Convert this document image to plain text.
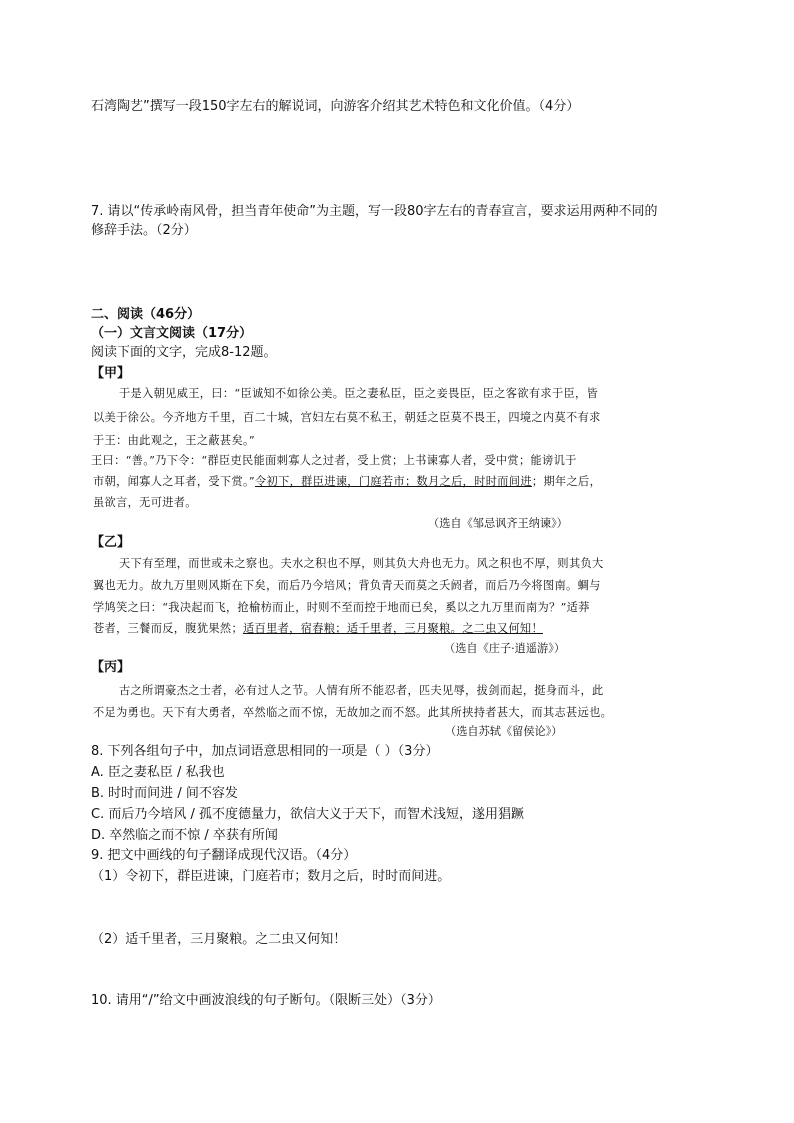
石湾陶艺”撰写一段150字左右的解说词，向游客介绍其艺术特色和文化价值。（4分）
7. 请以“传承岭南风骨，担当青年使命”为主题，写一段80字左右的青春宣言，要求运用两种不同的
修辞手法。（2分）
二、阅读（46分）
（一）文言文阅读（17分）
阅读下面的文字，完成8-12题。
【甲】
于是入朝见威王，曰：“臣诚知不如徐公美。臣之妻私臣，臣之妾畏臣，臣之客欲有求于臣，皆
以美于徐公。今齐地方千里，百二十城，宫妇左右莫不私王，朝廷之臣莫不畏王，四境之内莫不有求
于王：由此观之，王之蔽甚矣。”
王曰：“善。”乃下令：“群臣吏民能面刺寡人之过者，受上赏；上书谏寡人者，受中赏；能谤讥于
市朝，闻寡人之耳者，受下赏。”令初下，群臣进谏，门庭若市；数月之后，时时而间进；期年之后，
虽欲言，无可进者。
（选自《邹忌讽齐王纳谏》）
【乙】
天下有至理，而世或未之察也。夫水之积也不厚，则其负大舟也无力。风之积也不厚，则其负大
翼也无力。故九万里则风斯在下矣，而后乃今培风；背负青天而莫之夭阏者，而后乃今将图南。蜩与
学鸠笑之曰：“我决起而飞，抢榆枋而止，时则不至而控于地而已矣，奚以之九万里而南为？”适莽
苍者，三餐而反，腹犹果然；适百里者，宿舂粮；适千里者，三月聚粮。之二虫又何知！
（选自《庄子·逍遥游》）
【丙】
古之所谓豪杰之士者，必有过人之节。人情有所不能忍者，匹夫见辱，拔剑而起，挺身而斗，此
不足为勇也。天下有大勇者，卒然临之而不惊，无故加之而不怒。此其所挟持者甚大，而其志甚远也。
（选自苏轼《留侯论》）
8. 下列各组句子中，加点词语意思相同的一项是（ ）（3分）
A. 臣之妻私臣 / 私我也
B. 时时而间进 / 间不容发
C. 而后乃今培风 / 孤不度德量力，欲信大义于天下，而智术浅短，遂用猖蹶
D. 卒然临之而不惊 / 卒获有所闻
9. 把文中画线的句子翻译成现代汉语。（4分）
（1）令初下，群臣进谏，门庭若市；数月之后，时时而间进。
（2）适千里者，三月聚粮。之二虫又何知！
10. 请用“/”给文中画波浪线的句子断句。（限断三处）（3分）
